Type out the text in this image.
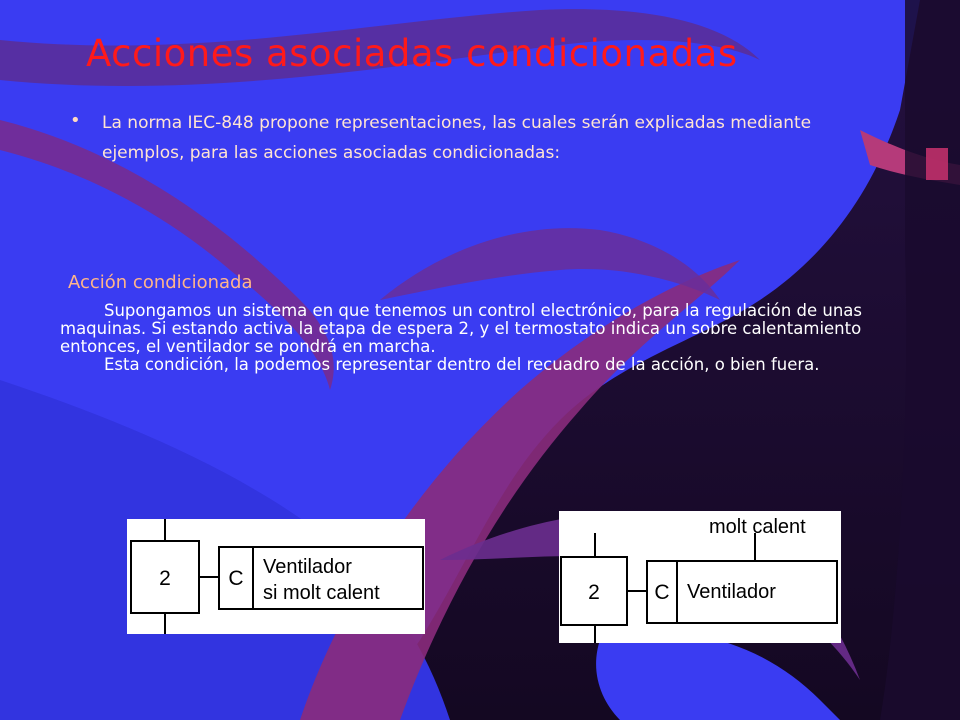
Acciones asociadas condicionadas
• La norma IEC-848 propone representaciones, las cuales serán explicadas mediante ejemplos, para las acciones asociadas condicionadas:

Acción condicionada

Supongamos un sistema en que tenemos un control electrónico, para la regulación de unas maquinas. Si estando activa la etapa de espera 2, y el termostato indica un sobre calentamiento entonces, el ventilador se pondrá en marcha.

Esta condición, la podemos representar dentro del recuadro de la acción, o bien fuera.

2	C Ventilador
si molt calent	2
molt calent
C Ventilador
